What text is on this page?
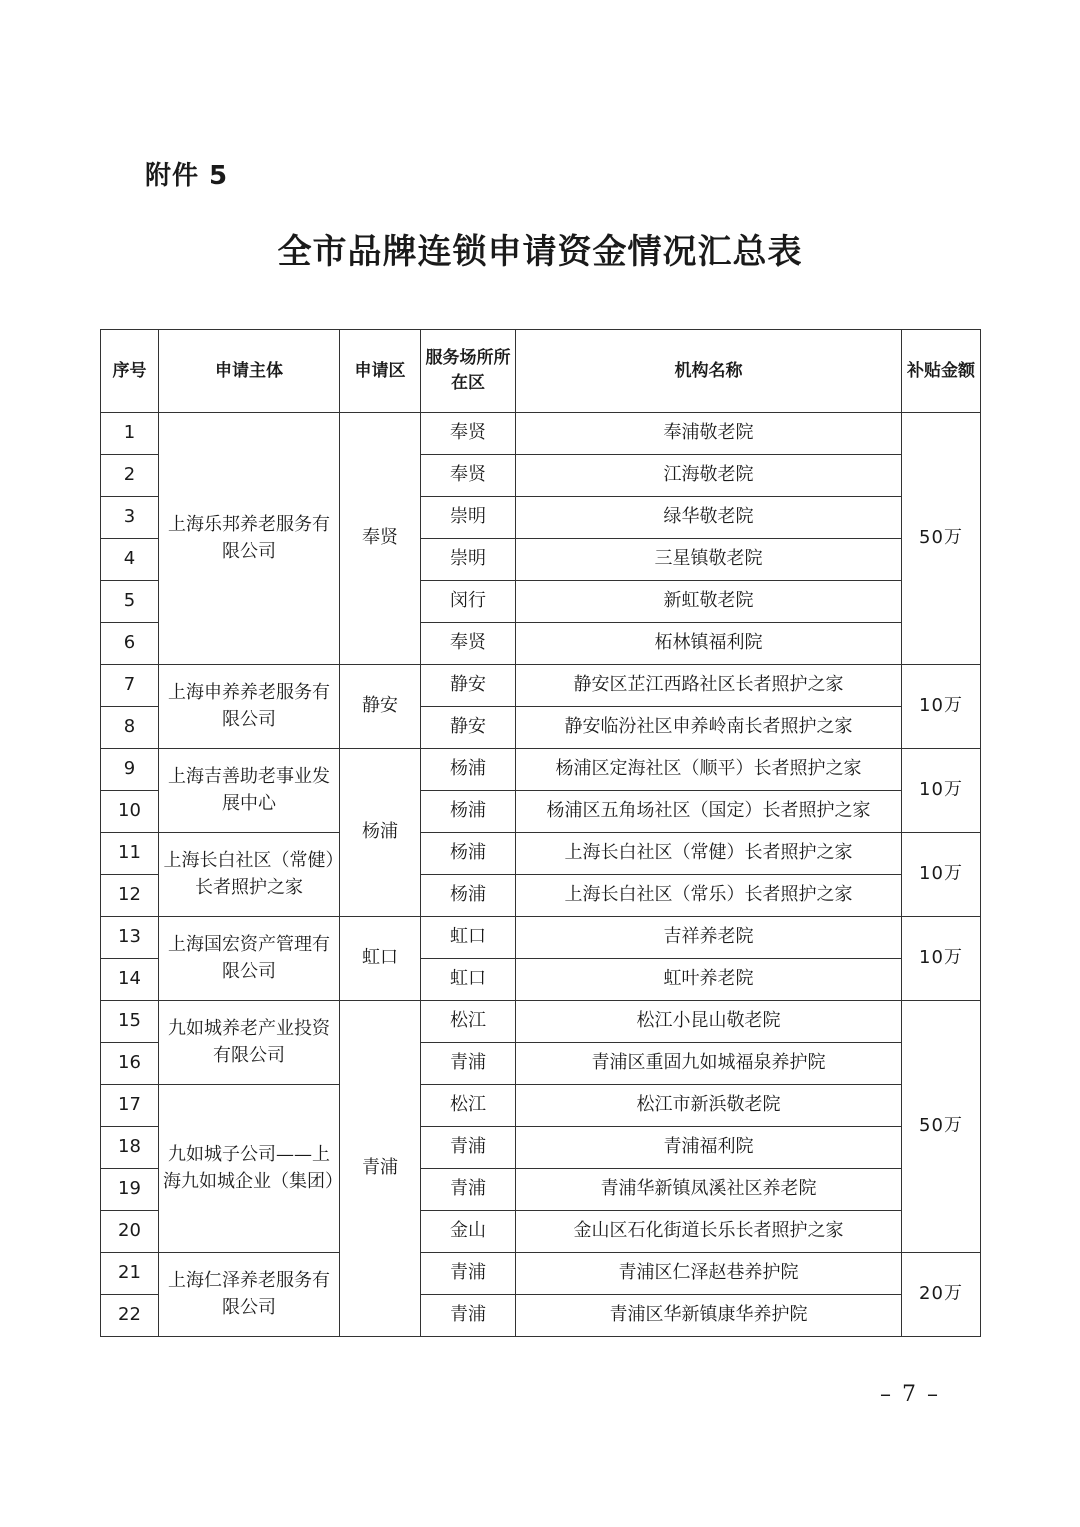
附件 5
全市品牌连锁申请资金情况汇总表
序号	申请主体	申请区	服务场所所在区	机构名称	补贴金额
1	上海乐邦养老服务有限公司	奉贤	奉贤	奉浦敬老院	50万
2			奉贤	江海敬老院	
3			崇明	绿华敬老院	
4			崇明	三星镇敬老院	
5			闵行	新虹敬老院	
6			奉贤	柘林镇福利院	
7	上海申养养老服务有限公司	静安	静安	静安区芷江西路社区长者照护之家	10万
8			静安	静安临汾社区申养岭南长者照护之家	
9	上海吉善助老事业发展中心	杨浦	杨浦	杨浦区定海社区（顺平）长者照护之家	10万
10			杨浦	杨浦区五角场社区（国定）长者照护之家	
11	上海长白社区（常健）长者照护之家		杨浦	上海长白社区（常健）长者照护之家	10万
12			杨浦	上海长白社区（常乐）长者照护之家	
13	上海国宏资产管理有限公司	虹口	虹口	吉祥养老院	10万
14			虹口	虹叶养老院	
15	九如城养老产业投资有限公司	青浦	松江	松江小昆山敬老院	50万
16			青浦	青浦区重固九如城福泉养护院	
17	九如城子公司——上海九如城企业（集团）		松江	松江市新浜敬老院	
18			青浦	青浦福利院	
19			青浦	青浦华新镇凤溪社区养老院	
20			金山	金山区石化街道长乐长者照护之家	
21	上海仁泽养老服务有限公司		青浦	青浦区仁泽赵巷养护院	20万
22			青浦	青浦区华新镇康华养护院	
– 7 –
